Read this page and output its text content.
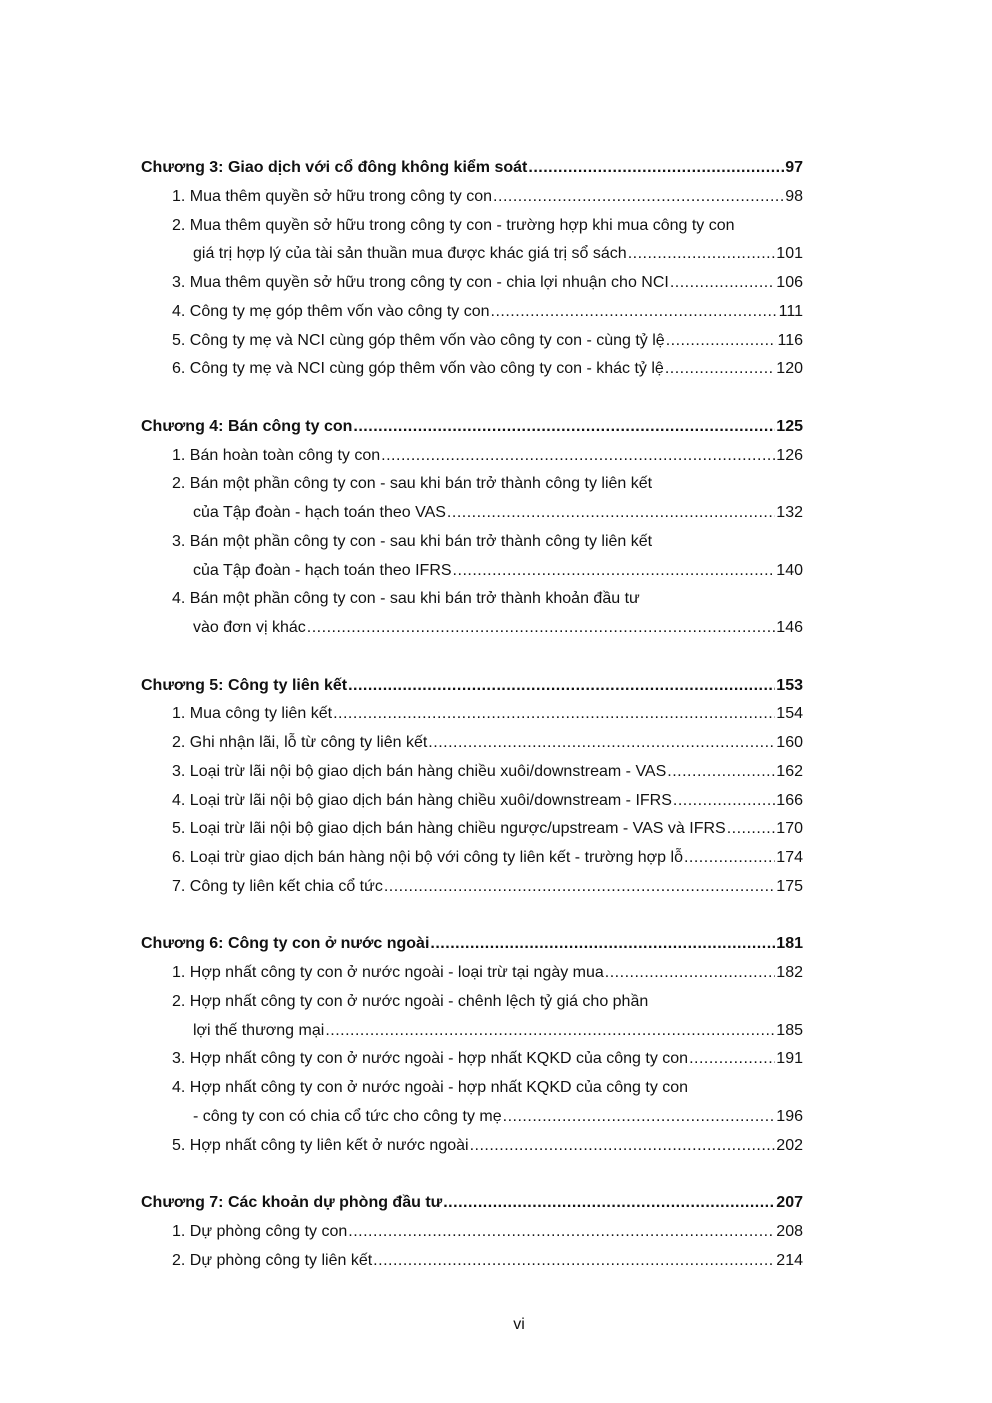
Chương 3: Giao dịch với cổ đông không kiểm soát .....	97
1. Mua thêm quyền sở hữu trong công ty con .....	98
2. Mua thêm quyền sở hữu trong công ty con - trường hợp khi mua công ty con
giá trị hợp lý của tài sản thuần mua được khác giá trị sổ sách .....	101
3. Mua thêm quyền sở hữu trong công ty con - chia lợi nhuận cho NCI .....	106
4. Công ty mẹ góp thêm vốn vào công ty con .....	111
5. Công ty mẹ và NCI cùng góp thêm vốn vào công ty con - cùng tỷ lệ .....	116
6. Công ty mẹ và NCI cùng góp thêm vốn vào công ty con - khác tỷ lệ .....	120
Chương 4: Bán công ty con .....	125
1. Bán hoàn toàn công ty con .....	126
2. Bán một phần công ty con - sau khi bán trở thành công ty liên kết
của Tập đoàn - hạch toán theo VAS .....	132
3. Bán một phần công ty con - sau khi bán trở thành công ty liên kết
của Tập đoàn - hạch toán theo IFRS .....	140
4. Bán một phần công ty con - sau khi bán trở thành khoản đầu tư
vào đơn vị khác .....	146
Chương 5: Công ty liên kết .....	153
1. Mua công ty liên kết .....	154
2. Ghi nhận lãi, lỗ từ công ty liên kết .....	160
3. Loại trừ lãi nội bộ giao dịch bán hàng chiều xuôi/downstream - VAS .....	162
4. Loại trừ lãi nội bộ giao dịch bán hàng chiều xuôi/downstream - IFRS .....	166
5. Loại trừ lãi nội bộ giao dịch bán hàng chiều ngược/upstream - VAS và IFRS .....	170
6. Loại trừ giao dịch bán hàng nội bộ với công ty liên kết - trường hợp lỗ .....	174
7. Công ty liên kết chia cổ tức .....	175
Chương 6: Công ty con ở nước ngoài .....	181
1. Hợp nhất công ty con ở nước ngoài - loại trừ tại ngày mua .....	182
2. Hợp nhất công ty con ở nước ngoài - chênh lệch tỷ giá cho phần
lợi thế thương mại .....	185
3. Hợp nhất công ty con ở nước ngoài - hợp nhất KQKD của công ty con .....	191
4. Hợp nhất công ty con ở nước ngoài - hợp nhất KQKD của công ty con
- công ty con có chia cổ tức cho công ty mẹ .....	196
5. Hợp nhất công ty liên kết ở nước ngoài .....	202
Chương 7: Các khoản dự phòng đầu tư .....	207
1. Dự phòng công ty con .....	208
2. Dự phòng công ty liên kết .....	214
vi
